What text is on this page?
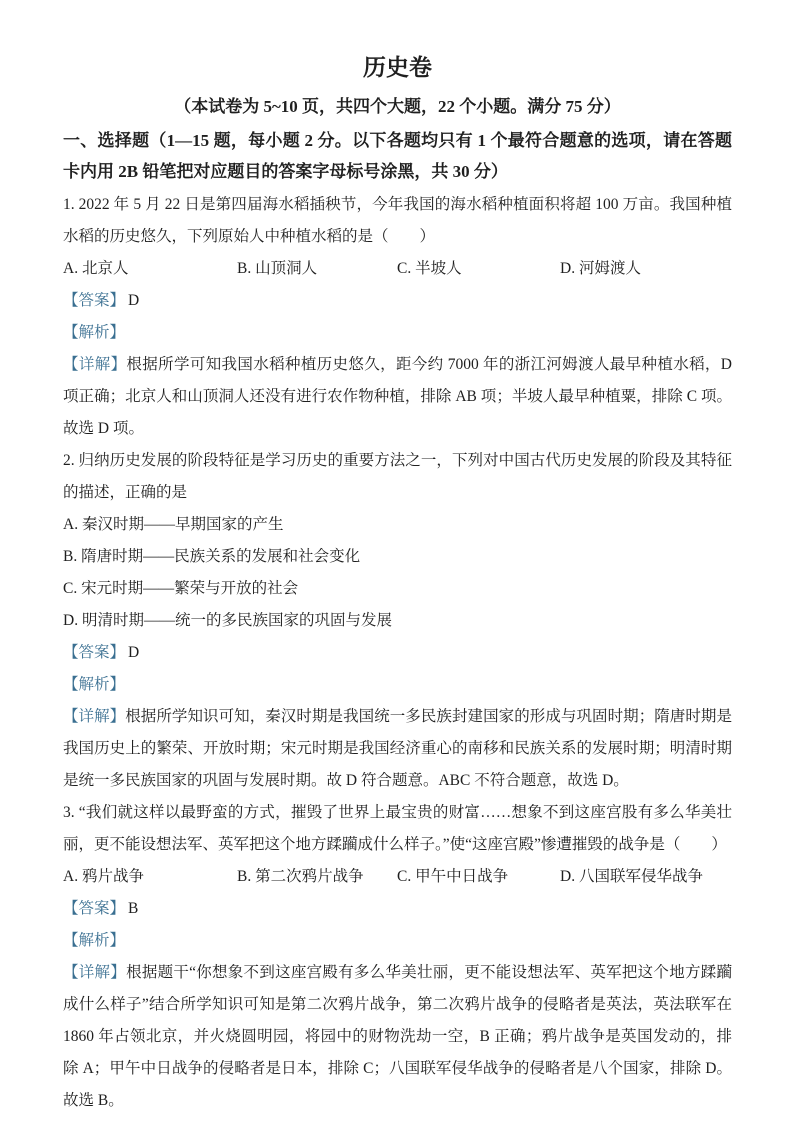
历史卷
（本试卷为 5~10 页，共四个大题，22 个小题。满分 75 分）
一、选择题（1—15 题，每小题 2 分。以下各题均只有 1 个最符合题意的选项，请在答题卡内用 2B 铅笔把对应题目的答案字母标号涂黑，共 30 分）

1. 2022 年 5 月 22 日是第四届海水稻插秧节，今年我国的海水稻种植面积将超 100 万亩。我国种植水稻的历史悠久，下列原始人中种植水稻的是（　　）

A. 北京人	B. 山顶洞人	C. 半坡人	D. 河姆渡人

【答案】 D

【解析】

【详解】根据所学可知我国水稻种植历史悠久，距今约 7000 年的浙江河姆渡人最早种植水稻，D 项正确；北京人和山顶洞人还没有进行农作物种植，排除 AB 项；半坡人最早种植粟，排除 C 项。故选 D 项。

2. 归纳历史发展的阶段特征是学习历史的重要方法之一，下列对中国古代历史发展的阶段及其特征的描述，正确的是

A. 秦汉时期——早期国家的产生
B. 隋唐时期——民族关系的发展和社会变化
C. 宋元时期——繁荣与开放的社会
D. 明清时期——统一的多民族国家的巩固与发展

【答案】 D

【解析】

【详解】根据所学知识可知，秦汉时期是我国统一多民族封建国家的形成与巩固时期；隋唐时期是我国历史上的繁荣、开放时期；宋元时期是我国经济重心的南移和民族关系的发展时期；明清时期是统一多民族国家的巩固与发展时期。故 D 符合题意。ABC 不符合题意，故选 D。

3. “我们就这样以最野蛮的方式，摧毁了世界上最宝贵的财富……想象不到这座宫股有多么华美壮丽，更不能设想法军、英军把这个地方蹂躏成什么样子。”使“这座宫殿”惨遭摧毁的战争是（　　）

A. 鸦片战争	B. 第二次鸦片战争	C. 甲午中日战争	D. 八国联军侵华战争

【答案】 B

【解析】

【详解】根据题干“你想象不到这座宫殿有多么华美壮丽，更不能设想法军、英军把这个地方蹂躏成什么样子”结合所学知识可知是第二次鸦片战争，第二次鸦片战争的侵略者是英法，英法联军在 1860 年占领北京，并火烧圆明园，将园中的财物洗劫一空，B 正确；鸦片战争是英国发动的，排除 A；甲午中日战争的侵略者是日本，排除 C；八国联军侵华战争的侵略者是八个国家，排除 D。故选 B。
